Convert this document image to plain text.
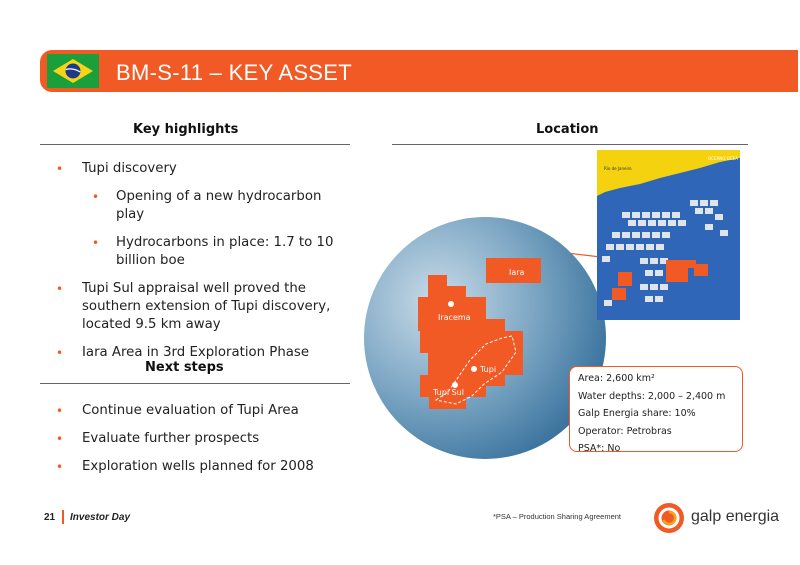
BM-S-11 – KEY ASSET
Key highlights
• Tupi discovery
• Opening of a new hydrocarbon play
• Hydrocarbons in place: 1.7 to 10 billion boe
• Tupi Sul appraisal well proved the southern extension of Tupi discovery, located 9.5 km away
• Iara Area in 3rd Exploration Phase
Next steps
• Continue evaluation of Tupi Area
• Evaluate further prospects
• Exploration wells planned for 2008
Location
Iara
Iracema
Tupi
Tupi Sul
Rio de Janeiro
OCEANO OCEA
Area: 2,600 km²
Water depths: 2,000 – 2,400 m
Galp Energia share: 10%
Operator: Petrobras
PSA*: No
21 Investor Day	*PSA – Production Sharing Agreement	galp energia
